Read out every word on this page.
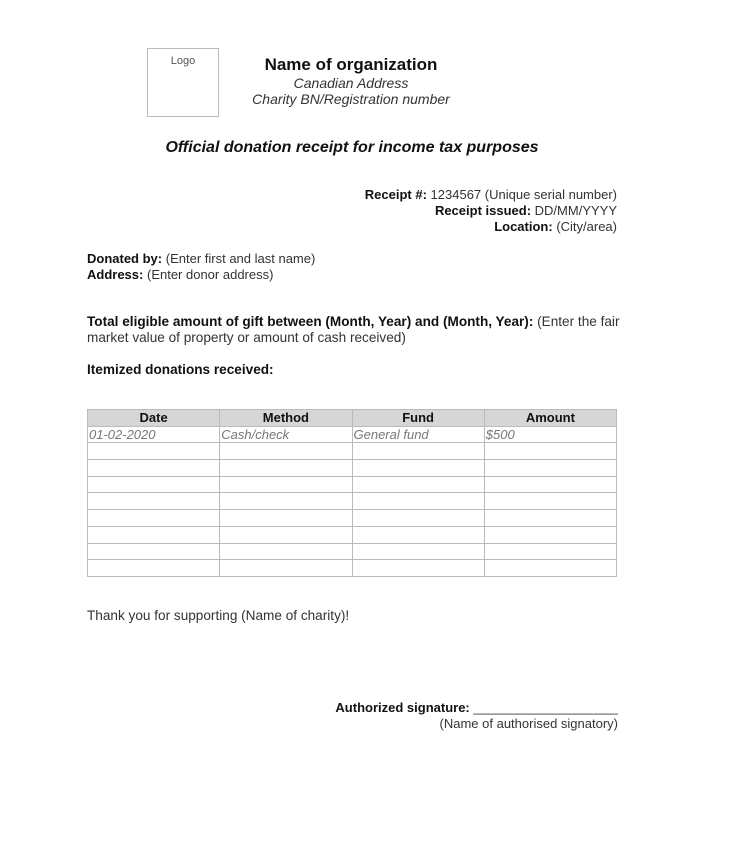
Logo	Name of organization
Canadian Address
Charity BN/Registration number
Official donation receipt for income tax purposes
Receipt #: 1234567 (Unique serial number)
Receipt issued: DD/MM/YYYY
Location: (City/area)
Donated by: (Enter first and last name)
Address: (Enter donor address)
Total eligible amount of gift between (Month, Year) and (Month, Year): (Enter the fair market value of property or amount of cash received)
Itemized donations received:
Date	Method	Fund	Amount
01-02-2020	Cash/check	General fund	$500

Thank you for supporting (Name of charity)!
Authorized signature: ____________________
(Name of authorised signatory)
